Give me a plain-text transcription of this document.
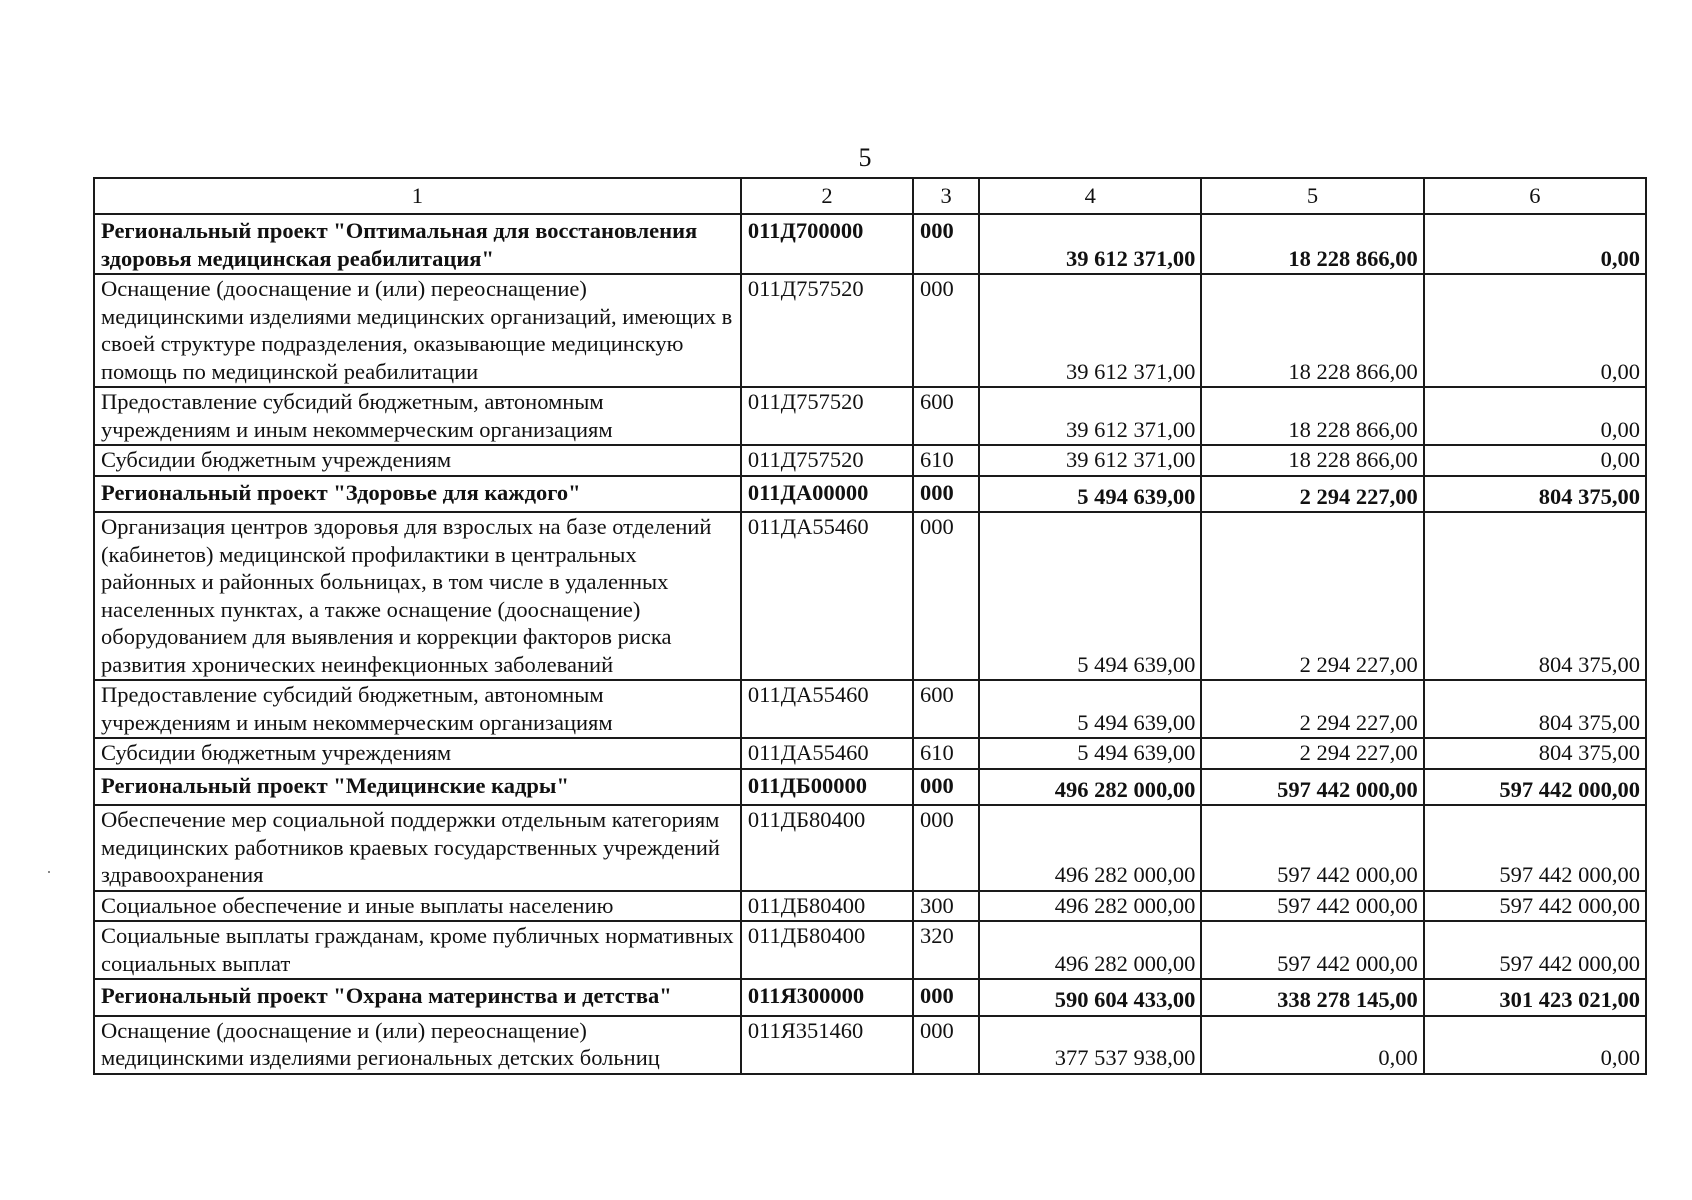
5
1	2	3	4	5	6
Региональный проект "Оптимальная для восстановления здоровья медицинская реабилитация"	011Д700000	000	39 612 371,00	18 228 866,00	0,00
Оснащение (дооснащение и (или) переоснащение) медицинскими изделиями медицинских организаций, имеющих в своей структуре подразделения, оказывающие медицинскую помощь по медицинской реабилитации	011Д757520	000	39 612 371,00	18 228 866,00	0,00
Предоставление субсидий бюджетным, автономным учреждениям и иным некоммерческим организациям	011Д757520	600	39 612 371,00	18 228 866,00	0,00
Субсидии бюджетным учреждениям	011Д757520	610	39 612 371,00	18 228 866,00	0,00
Региональный проект "Здоровье для каждого"	011ДА00000	000	5 494 639,00	2 294 227,00	804 375,00
Организация центров здоровья для взрослых на базе отделений (кабинетов) медицинской профилактики в центральных районных и районных больницах, в том числе в удаленных населенных пунктах, а также оснащение (дооснащение) оборудованием для выявления и коррекции факторов риска развития хронических неинфекционных заболеваний	011ДА55460	000	5 494 639,00	2 294 227,00	804 375,00
Предоставление субсидий бюджетным, автономным учреждениям и иным некоммерческим организациям	011ДА55460	600	5 494 639,00	2 294 227,00	804 375,00
Субсидии бюджетным учреждениям	011ДА55460	610	5 494 639,00	2 294 227,00	804 375,00
Региональный проект "Медицинские кадры"	011ДБ00000	000	496 282 000,00	597 442 000,00	597 442 000,00
Обеспечение мер социальной поддержки отдельным категориям медицинских работников краевых государственных учреждений здравоохранения	011ДБ80400	000	496 282 000,00	597 442 000,00	597 442 000,00
Социальное обеспечение и иные выплаты населению	011ДБ80400	300	496 282 000,00	597 442 000,00	597 442 000,00
Социальные выплаты гражданам, кроме публичных нормативных социальных выплат	011ДБ80400	320	496 282 000,00	597 442 000,00	597 442 000,00
Региональный проект "Охрана материнства и детства"	011Я300000	000	590 604 433,00	338 278 145,00	301 423 021,00
Оснащение (дооснащение и (или) переоснащение) медицинскими изделиями региональных детских больниц	011Я351460	000	377 537 938,00	0,00	0,00
